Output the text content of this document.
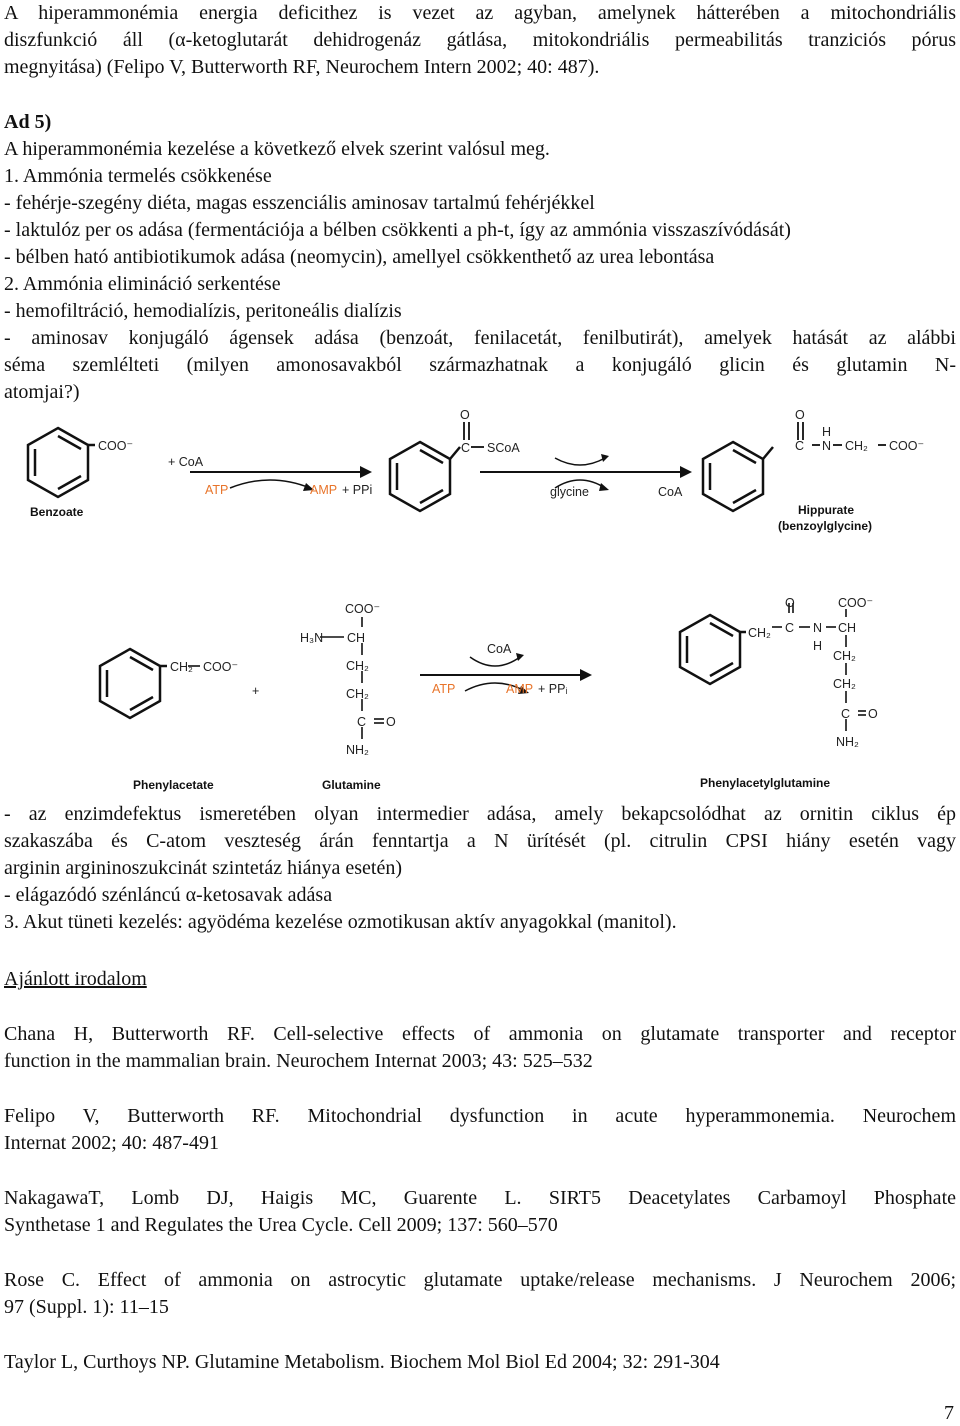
A hiperammonémia energia deficithez is vezet az agyban, amelynek hátterében a mitochondriális
diszfunkció áll (α-ketoglutarát dehidrogenáz gátlása, mitokondriális permeabilitás tranziciós pórus
megnyitása) (Felipo V, Butterworth RF, Neurochem Intern 2002; 40: 487).
Ad 5)
A hiperammonémia kezelése a következő elvek szerint valósul meg.
1. Ammónia termelés csökkenése
- fehérje-szegény diéta, magas esszenciális aminosav tartalmú fehérjékkel
- laktulóz per os adása (fermentációja a bélben csökkenti a ph-t, így az ammónia visszaszívódását)
- bélben ható antibiotikumok adása (neomycin), amellyel csökkenthető az urea lebontása
2. Ammónia elimináció serkentése
- hemofiltráció, hemodialízis, peritoneális dialízis
- aminosav konjugáló ágensek adása (benzoát, fenilacetát, fenilbutirát), amelyek hatását az alábbi
séma szemlélteti (milyen amonosavakból származhatnak a konjugáló glicin és glutamin N-
atomjai?)
COO⁻
+ CoA
ATP	AMP + PPi
O
C SCoA
glycine	CoA
O
C
H
N CH₂ COO⁻
Benzoate	Hippurate
(benzoylglycine)
CH₂ COO⁻
+
COO⁻
H₃N CH
CH₂
CH₂
C O
NH₂
CoA
ATP	AMP + PPᵢ
CH₂
O
C N
H
CH
COO⁻
CH₂
CH₂
C O
NH₂
Phenylacetate	Glutamine	Phenylacetylglutamine
- az enzimdefektus ismeretében olyan intermedier adása, amely bekapcsolódhat az ornitin ciklus ép
szakaszába és C-atom veszteség árán fenntartja a N ürítését (pl. citrulin CPSI hiány esetén vagy
arginin argininoszukcinát szintetáz hiánya esetén)
- elágazódó szénláncú α-ketosavak adása
3. Akut tüneti kezelés: agyödéma kezelése ozmotikusan aktív anyagokkal (manitol).
Ajánlott irodalom
Chana H, Butterworth RF. Cell-selective effects of ammonia on glutamate transporter and receptor
function in the mammalian brain. Neurochem Internat 2003; 43: 525–532
Felipo V, Butterworth RF. Mitochondrial dysfunction in acute hyperammonemia. Neurochem
Internat 2002; 40: 487-491
NakagawaT, Lomb DJ, Haigis MC, Guarente L. SIRT5 Deacetylates Carbamoyl Phosphate
Synthetase 1 and Regulates the Urea Cycle. Cell 2009; 137: 560–570
Rose C. Effect of ammonia on astrocytic glutamate uptake/release mechanisms. J Neurochem 2006;
97 (Suppl. 1): 11–15
Taylor L, Curthoys NP. Glutamine Metabolism. Biochem Mol Biol Ed 2004; 32: 291-304
7
